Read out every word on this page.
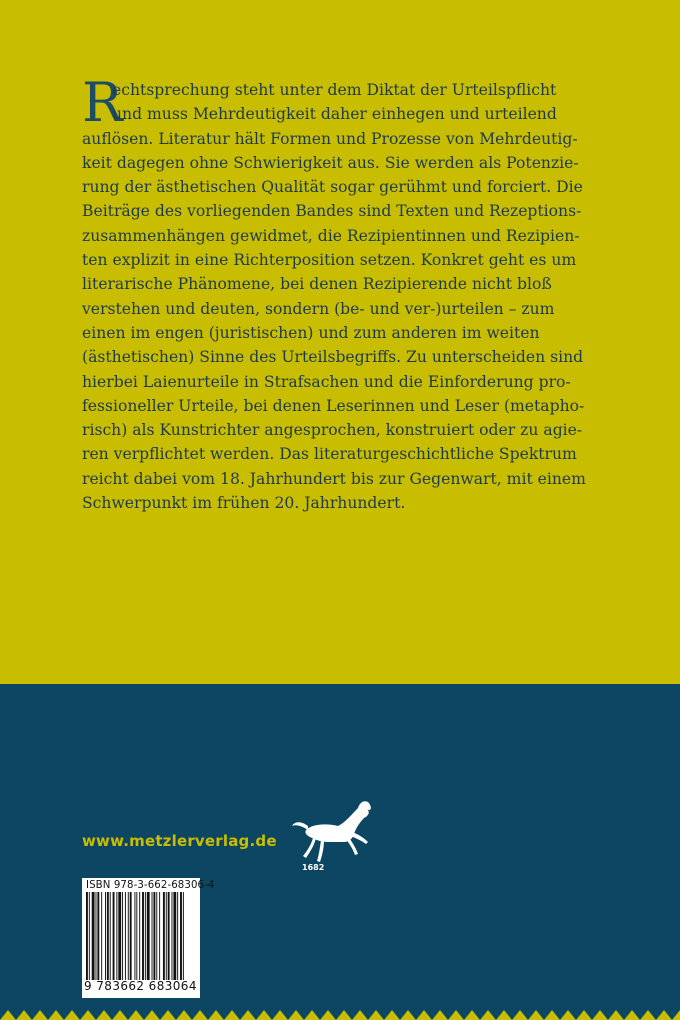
R
echtsprechung steht unter dem Diktat der Urteilspflicht
und muss Mehrdeutigkeit daher einhegen und urteilend
auflösen. Literatur hält Formen und Prozesse von Mehrdeutig-
keit dagegen ohne Schwierigkeit aus. Sie werden als Potenzie-
rung der ästhetischen Qualität sogar gerühmt und forciert. Die
Beiträge des vorliegenden Bandes sind Texten und Rezeptions-
zusammenhängen gewidmet, die Rezipientinnen und Rezipien-
ten explizit in eine Richterposition setzen. Konkret geht es um
literarische Phänomene, bei denen Rezipierende nicht bloß
verstehen und deuten, sondern (be- und ver-)urteilen – zum
einen im engen (juristischen) und zum anderen im weiten
(ästhetischen) Sinne des Urteilsbegriffs. Zu unterscheiden sind
hierbei Laienurteile in Strafsachen und die Einforderung pro-
fessioneller Urteile, bei denen Leserinnen und Leser (metapho-
risch) als Kunstrichter angesprochen, konstruiert oder zu agie-
ren verpflichtet werden. Das literaturgeschichtliche Spektrum
reicht dabei vom 18. Jahrhundert bis zur Gegenwart, mit einem
Schwerpunkt im frühen 20. Jahrhundert.
www.metzlerverlag.de
1682
ISBN 978-3-662-68306-4
9 783662 683064
